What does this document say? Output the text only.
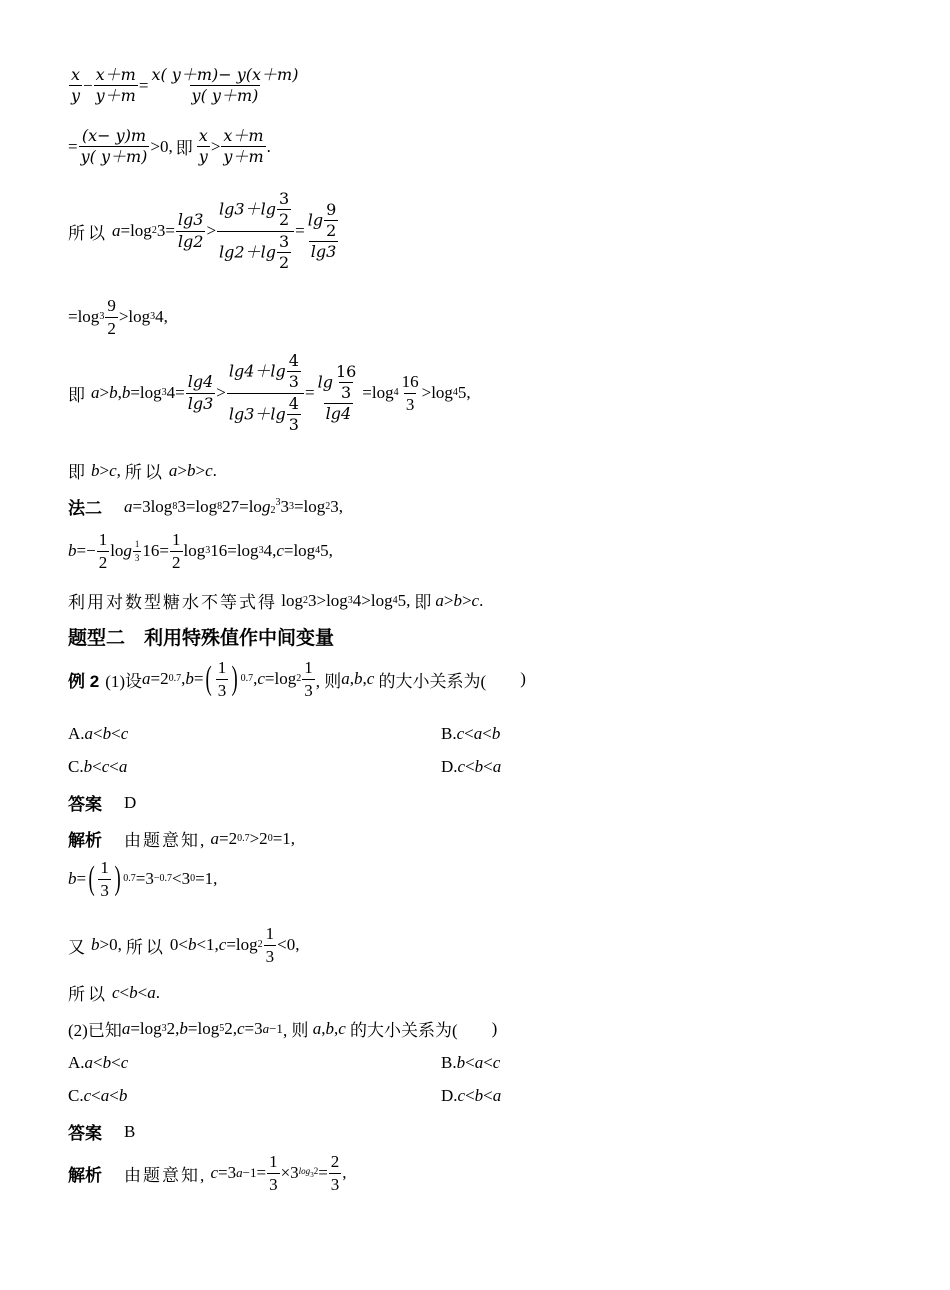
$\frac{x}{y} - \frac{x+m}{y+m} = \frac{x( y+m)- y(x+m)}{y( y+m)}$
= $\frac{(x- y)m}{y( y+m)} >0$, 即 $\frac{x}{y} > \frac{x+m}{y+m}$ .
所以 a =log 2 $3= \frac{\lg 3}{\lg 2} > \frac{\lg 3+\lg \frac{3}{2}}{\lg 2+\lg \frac{3}{2}} = \frac{\lg \frac{9}{2}}{\lg 3}$
=log $3 \frac{9}{2} >\log$ 3 4,
即 a > b , b =log 3 $4= \frac{\lg 4}{\lg 3} > \frac{\lg 4+\lg \frac{4}{3}}{\lg 3+\lg \frac{4}{3}} = \frac{\lg \frac{16}{3}}{\lg 4} =\log$ $4 \frac{16}{3} >\log$ 4 5,
即 b > c , 所以 a > b > c .
法二 a =3log 8 3=log 8 27=lo g $2^3$ 3 3 =log 2 3,
$b =- \frac{1}{2}$ lo g $\frac{1}{3} 16= \frac{1}{2}$ log 3 16=log 3 4, c =log 4 5,
利用对数型糖水不等式得 log 2 3>log 3 4>log 4 5, 即 a > b > c .
题型二　利用特殊值作中间变量
例 2 (1)设 a =2 0.7 , b = ( $\frac{1}{3}$ ) 0.7 , c =log $2 \frac{1}{3}$ , 则 a , b , c
的大小关系为( )
A. a < b < c	B. c < a < b
C. b < c < a	D. c < b < a
答案 D
解析 由题意知,
a =2 0.7 >2 0 =1,
b = ( $\frac{1}{3}$ ) 0.7 =3 −0.7 <3 0 =1,
又 b >0, 所以 0< b <1, c =log $2 \frac{1}{3} <0$,
所以 c < b < a .
(2)已知 a =log 3 2, b =log 5 2, c =3 a−1 , 则
a , b , c
的大小关系为( )
A. a < b < c	B. b < a < c
C. c < a < b	D. c < b < a
答案 B
解析 由题意知,
c =3 $a-1 = \frac{1}{3} \times 3$ $\log_32 = \frac{2}{3}$ ,
